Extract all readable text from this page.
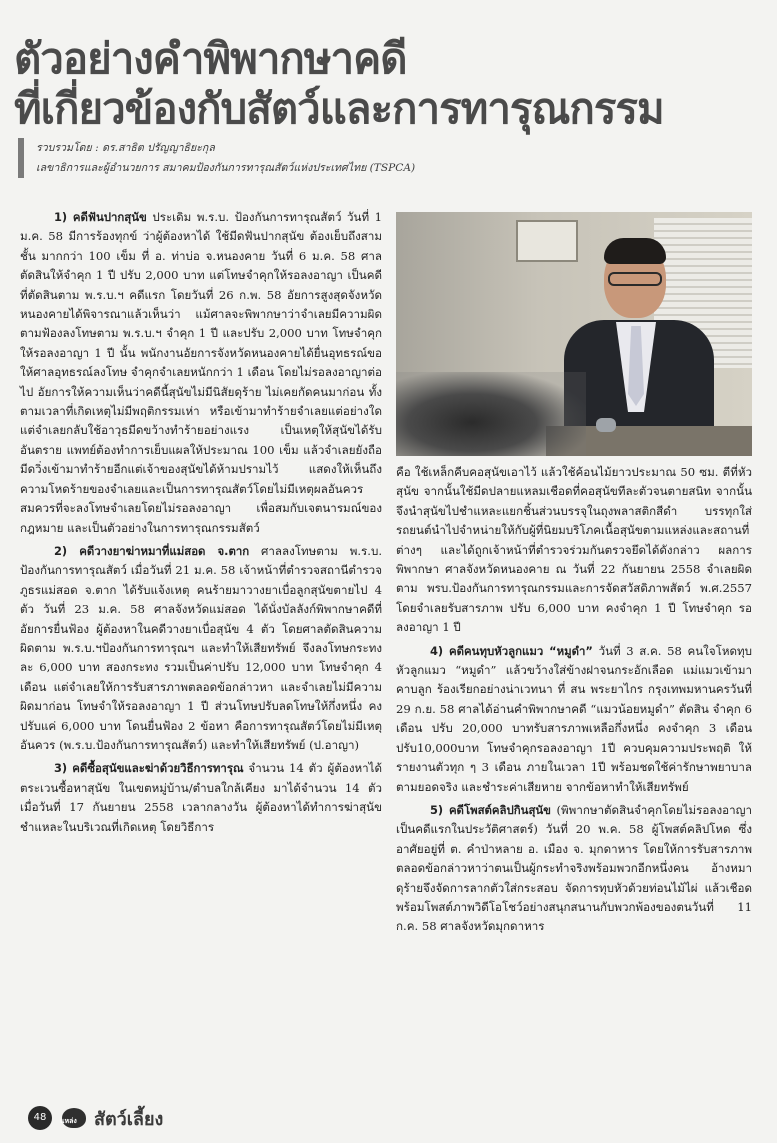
ตัวอย่างคำพิพากษาคดี
ที่เกี่ยวข้องกับสัตว์และการทารุณกรรม
รวบรวมโดย : ดร.สาธิต ปรัญญาธิยะกุล
เลขาธิการและผู้อำนวยการ สมาคมป้องกันการทารุณสัตว์แห่งประเทศไทย (TSPCA)

1) คดีฟันปากสุนัข ประเดิม พ.ร.บ. ป้องกันการทารุณสัตว์ วันที่ 1 ม.ค. 58 มีการร้องทุกข์ ว่าผู้ต้องหาได้ ใช้มีดฟันปากสุนัข ต้องเย็บถึงสามชั้น มากกว่า 100 เข็ม ที่ อ. ท่าบ่อ จ.หนองคาย วันที่ 6 ม.ค. 58 ศาลตัดสินให้จำคุก 1 ปี ปรับ 2,000 บาท แต่โทษจำคุกให้รอลงอาญา เป็นคดีที่ตัดสินตาม พ.ร.บ.ฯ คดีแรก โดยวันที่ 26 ก.พ. 58 อัยการสูงสุดจังหวัดหนองคายได้พิจารณาแล้วเห็นว่า แม้ศาลจะพิพากษาว่าจำเลยมีความผิดตามฟ้องลงโทษตาม พ.ร.บ.ฯ จำคุก 1 ปี และปรับ 2,000 บาท โทษจำคุกให้รอลงอาญา 1 ปี นั้น พนักงานอัยการจังหวัดหนองคายได้ยื่นอุทธรณ์ขอให้ศาลอุทธรณ์ลงโทษ จำคุกจำเลยหนักกว่า 1 เดือน โดยไม่รอลงอาญาต่อไป อัยการให้ความเห็นว่าคดีนี้สุนัขไม่มีนิสัยดุร้าย ไม่เคยกัดคนมาก่อน ทั้งตามเวลาที่เกิดเหตุไม่มีพฤติกรรมเห่า หรือเข้ามาทำร้ายจำเลยแต่อย่างใด แต่จำเลยกลับใช้อาวุธมีดขว้างทำร้ายอย่างแรง เป็นเหตุให้สุนัขได้รับอันตราย แพทย์ต้องทำการเย็บแผลให้ประมาณ 100 เข็ม แล้วจำเลยยังถือมีดวิ่งเข้ามาทำร้ายอีกแต่เจ้าของสุนัขได้ห้ามปรามไว้ แสดงให้เห็นถึงความโหดร้ายของจำเลยและเป็นการทารุณสัตว์โดยไม่มีเหตุผลอันควร สมควรที่จะลงโทษจำเลยโดยไม่รอลงอาญา เพื่อสมกับเจตนารมณ์ของกฎหมาย และเป็นตัวอย่างในการทารุณกรรมสัตว์

2) คดีวางยาฆ่าหมาที่แม่สอด จ.ตาก ศาลลงโทษตาม พ.ร.บ. ป้องกันการทารุณสัตว์ เมื่อวันที่ 21 ม.ค. 58 เจ้าหน้าที่ตำรวจสถานีตำรวจภูธรแม่สอด จ.ตาก ได้รับแจ้งเหตุ คนร้ายมาวางยาเบื่อลูกสุนัขตายไป 4 ตัว วันที่ 23 ม.ค. 58 ศาลจังหวัดแม่สอด ได้นั่งบัลลังก์พิพากษาคดีที่อัยการยื่นฟ้อง ผู้ต้องหาในคดีวางยาเบื่อสุนัข 4 ตัว โดยศาลตัดสินความผิดตาม พ.ร.บ.ฯป้องกันการทารุณฯ และทำให้เสียทรัพย์ จึงลงโทษกระทงละ 6,000 บาท สองกระทง รวมเป็นค่าปรับ 12,000 บาท โทษจำคุก 4 เดือน แต่จำเลยให้การรับสารภาพตลอดข้อกล่าวหา และจำเลยไม่มีความผิดมาก่อน โทษจำให้รอลงอาญา 1 ปี ส่วนโทษปรับลดโทษให้กึ่งหนึ่ง คงปรับแค่ 6,000 บาท โดนยื่นฟ้อง 2 ข้อหา คือการทารุณสัตว์โดยไม่มีเหตุอันควร (พ.ร.บ.ป้องกันการทารุณสัตว์) และทำให้เสียทรัพย์ (ป.อาญา)

3) คดีซื้อสุนัขและฆ่าด้วยวิธีการทารุณ จำนวน 14 ตัว ผู้ต้องหาได้ตระเวนซื้อหาสุนัข ในเขตหมู่บ้าน/ตำบลใกล้เคียง มาได้จำนวน 14 ตัว เมื่อวันที่ 17 กันยายน 2558 เวลากลางวัน ผู้ต้องหาได้ทำการฆ่าสุนัขชำแหละในบริเวณที่เกิดเหตุ โดยวิธีการ

คือ ใช้เหล็กคีบคอสุนัขเอาไว้ แล้วใช้ค้อนไม้ยาวประมาณ 50 ซม. ตีที่หัวสุนัข จากนั้นใช้มีดปลายแหลมเชือดที่คอสุนัขทีละตัวจนตายสนิท จากนั้นจึงนำสุนัขไปชำแหละแยกชิ้นส่วนบรรจุในถุงพลาสติกสีดำ บรรทุกใส่รถยนต์นำไปจำหน่ายให้กับผู้ที่นิยมบริโภคเนื้อสุนัขตามแหล่งและสถานที่ต่างๆ และได้ถูกเจ้าหน้าที่ตำรวจร่วมกันตรวจยึดได้ดังกล่าว ผลการพิพากษา ศาลจังหวัดหนองคาย ณ วันที่ 22 กันยายน 2558 จำเลยผิดตาม พรบ.ป้องกันการทารุณกรรมและการจัดสวัสดิภาพสัตว์ พ.ศ.2557 โดยจำเลยรับสารภาพ ปรับ 6,000 บาท คงจำคุก 1 ปี โทษจำคุก รอลงอาญา 1 ปี

4) คดีคนทุบหัวลูกแมว “หมูดำ” วันที่ 3 ส.ค. 58 คนใจโหดทุบหัวลูกแมว “หมูดำ” แล้วขว้างใส่ข้างฝาจนกระอักเลือด แม่แมวเข้ามาคาบลูก ร้องเรียกอย่างน่าเวทนา ที่ สน พระยาไกร กรุงเทพมหานครวันที่ 29 ก.ย. 58 ศาลได้อ่านคำพิพากษาคดี “แมวน้อยหมูดำ” ตัดสิน จำคุก 6 เดือน ปรับ 20,000 บาทรับสารภาพเหลือกึ่งหนึ่ง คงจำคุก 3 เดือน ปรับ10,000บาท โทษจำคุกรอลงอาญา 1ปี ควบคุมความประพฤติ ให้รายงานตัวทุก ๆ 3 เดือน ภายในเวลา 1ปี พร้อมชดใช้ค่ารักษาพยาบาล ตามยอดจริง และชำระค่าเสียหาย จากข้อหาทำให้เสียทรัพย์

5) คดีโพสต์คลิปกินสุนัข (พิพากษาตัดสินจำคุกโดยไม่รอลงอาญา เป็นคดีแรกในประวัติศาสตร์) วันที่ 20 พ.ค. 58 ผู้โพสต์คลิปโหด ซึ่งอาศัยอยู่ที่ ต. คำป่าหลาย อ. เมือง จ. มุกดาหาร โดยให้การรับสารภาพตลอดข้อกล่าวหาว่าตนเป็นผู้กระทำจริงพร้อมพวกอีกหนึ่งคน อ้างหมาดุร้ายจึงจัดการลากตัวใส่กระสอบ จัดการทุบหัวด้วยท่อนไม้ไผ่ แล้วเชือด พร้อมโพสต์ภาพวิดีโอโชว์อย่างสนุกสนานกับพวกพ้องของตนวันที่ 11 ก.ค. 58 ศาลจังหวัดมุกดาหาร

48	แหล่ง สัตว์เลี้ยง
